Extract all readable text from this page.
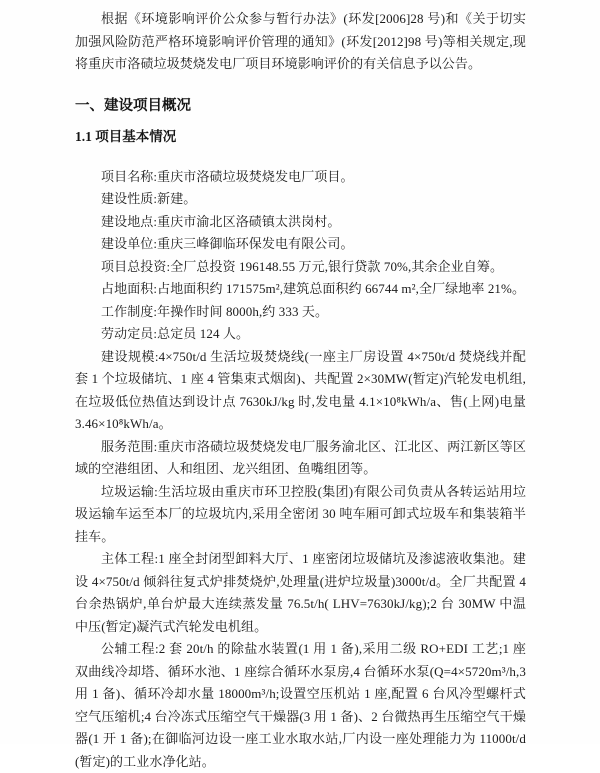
根据《环境影响评价公众参与暂行办法》(环发[2006]28 号)和《关于切实加强风险防范严格环境影响评价管理的通知》(环发[2012]98 号)等相关规定,现将重庆市洛碛垃圾焚烧发电厂项目环境影响评价的有关信息予以公告。

一、建设项目概况
1.1 项目基本情况

项目名称:重庆市洛碛垃圾焚烧发电厂项目。

建设性质:新建。

建设地点:重庆市渝北区洛碛镇太洪岗村。

建设单位:重庆三峰御临环保发电有限公司。

项目总投资:全厂总投资 196148.55 万元,银行贷款 70%,其余企业自筹。

占地面积:占地面积约 171575m²,建筑总面积约 66744 m²,全厂绿地率 21%。

工作制度:年操作时间 8000h,约 333 天。

劳动定员:总定员 124 人。

建设规模:4×750t/d 生活垃圾焚烧线(一座主厂房设置 4×750t/d 焚烧线并配套 1 个垃圾储坑、1 座 4 管集束式烟囱)、共配置 2×30MW(暂定)汽轮发电机组,在垃圾低位热值达到设计点 7630kJ/kg 时,发电量 4.1×10⁸kWh/a、售(上网)电量 3.46×10⁸kWh/a。

服务范围:重庆市洛碛垃圾焚烧发电厂服务渝北区、江北区、两江新区等区域的空港组团、人和组团、龙兴组团、鱼嘴组团等。

垃圾运输:生活垃圾由重庆市环卫控股(集团)有限公司负责从各转运站用垃圾运输车运至本厂的垃圾坑内,采用全密闭 30 吨车厢可卸式垃圾车和集装箱半挂车。

主体工程:1 座全封闭型卸料大厅、1 座密闭垃圾储坑及渗滤液收集池。建设 4×750t/d 倾斜往复式炉排焚烧炉,处理量(进炉垃圾量)3000t/d。全厂共配置 4 台余热锅炉,单台炉最大连续蒸发量 76.5t/h( LHV=7630kJ/kg);2 台 30MW 中温中压(暂定)凝汽式汽轮发电机组。

公辅工程:2 套 20t/h 的除盐水装置(1 用 1 备),采用二级 RO+EDI 工艺;1 座双曲线冷却塔、循环水池、1 座综合循环水泵房,4 台循环水泵(Q=4×5720m³/h,3 用 1 备)、循环冷却水量 18000m³/h;设置空压机站 1 座,配置 6 台风冷型螺杆式空气压缩机;4 台冷冻式压缩空气干燥器(3 用 1 备)、2 台微热再生压缩空气干燥器(1 开 1 备);在御临河边设一座工业水取水站,厂内设一座处理能力为 11000t/d(暂定)的工业水净化站。
